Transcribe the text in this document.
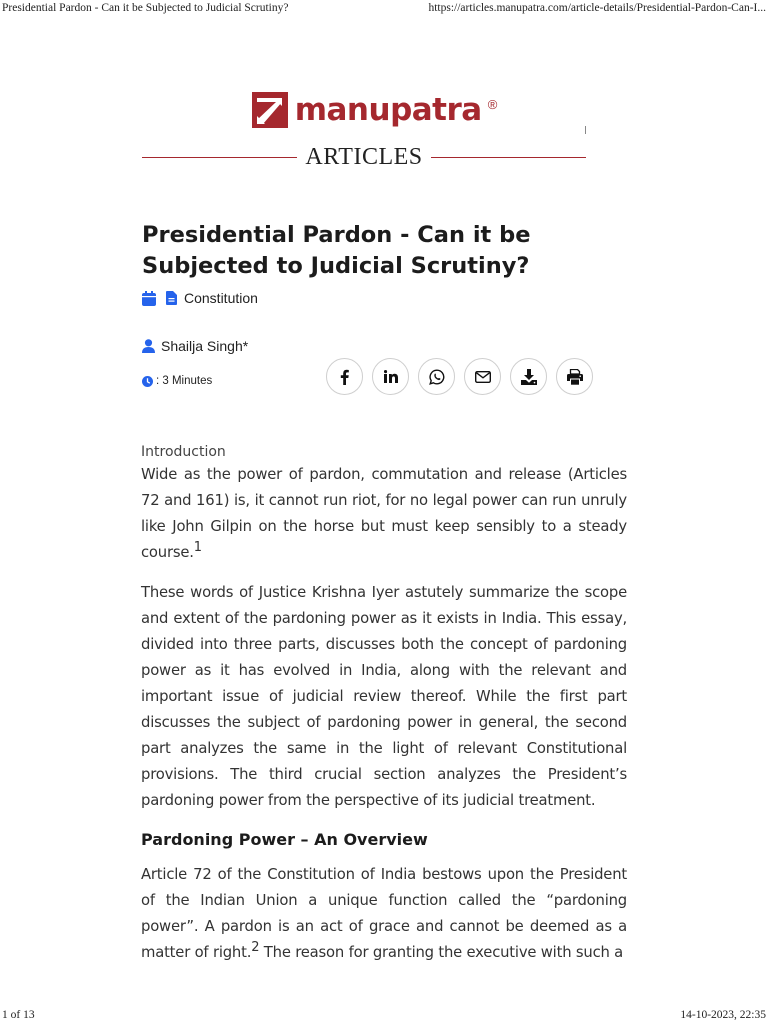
Presidential Pardon - Can it be Subjected to Judicial Scrutiny?	https://articles.manupatra.com/article-details/Presidential-Pardon-Can-I...
manupatra ®
ARTICLES
Presidential Pardon - Can it be Subjected to Judicial Scrutiny?
Constitution
Shailja Singh*
: 3 Minutes

Introduction

Wide as the power of pardon, commutation and release (Articles 72 and 161) is, it cannot run riot, for no legal power can run unruly like John Gilpin on the horse but must keep sensibly to a steady course.$^1$

These words of Justice Krishna Iyer astutely summarize the scope and extent of the pardoning power as it exists in India. This essay, divided into three parts, discusses both the concept of pardoning power as it has evolved in India, along with the relevant and important issue of judicial review thereof. While the first part discusses the subject of pardoning power in general, the second part analyzes the same in the light of relevant Constitutional provisions. The third crucial section analyzes the President’s pardoning power from the perspective of its judicial treatment.

Pardoning Power – An Overview

Article 72 of the Constitution of India bestows upon the President of the Indian Union a unique function called the “pardoning power”. A pardon is an act of grace and cannot be deemed as a matter of right.$^2$ The reason for granting the executive with such a

1 of 13	14-10-2023, 22:35
